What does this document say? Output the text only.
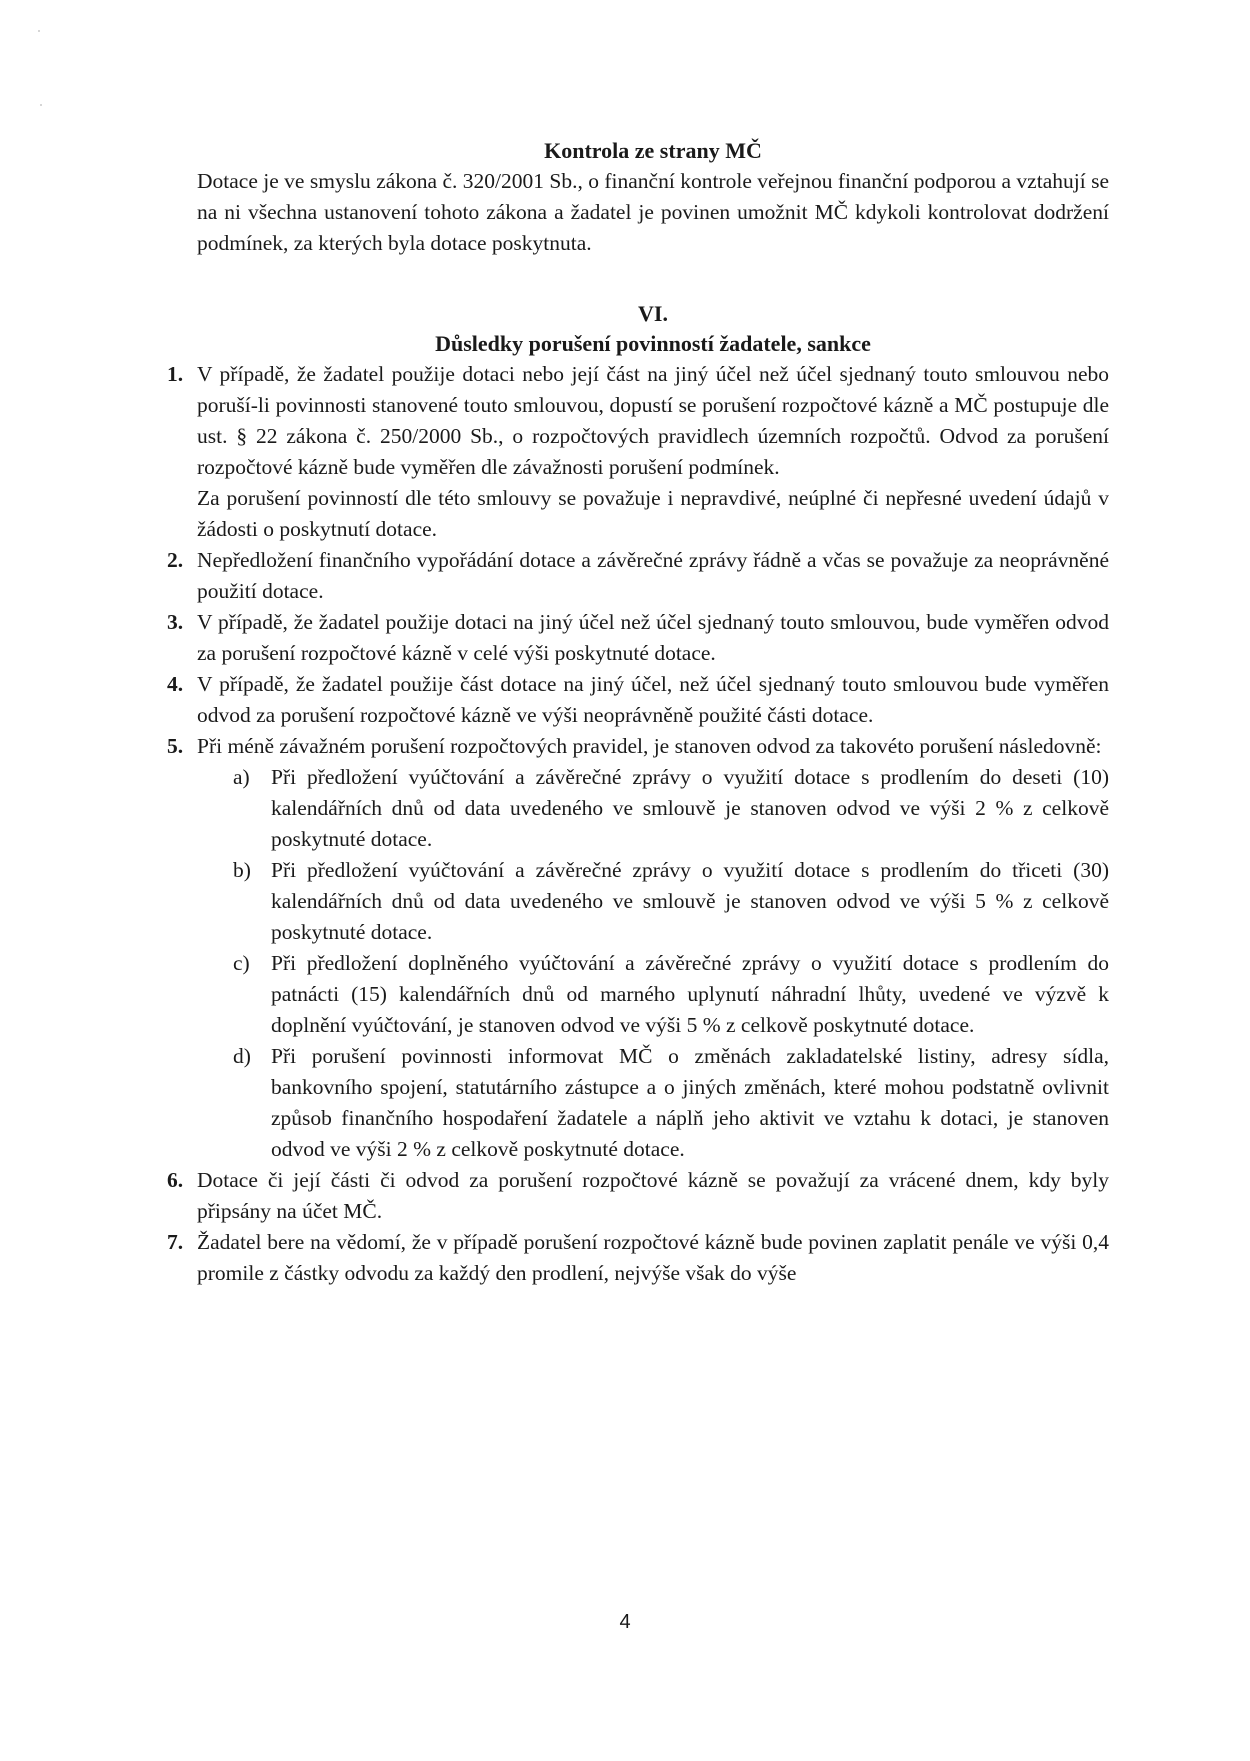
Kontrola ze strany MČ
Dotace je ve smyslu zákona č. 320/2001 Sb., o finanční kontrole veřejnou finanční podporou a vztahují se na ni všechna ustanovení tohoto zákona a žadatel je povinen umožnit MČ kdykoli kontrolovat dodržení podmínek, za kterých byla dotace poskytnuta.
VI.
Důsledky porušení povinností žadatele, sankce
1. V případě, že žadatel použije dotaci nebo její část na jiný účel než účel sjednaný touto smlouvou nebo poruší-li povinnosti stanovené touto smlouvou, dopustí se porušení rozpočtové kázně a MČ postupuje dle ust. § 22 zákona č. 250/2000 Sb., o rozpočtových pravidlech územních rozpočtů. Odvod za porušení rozpočtové kázně bude vyměřen dle závažnosti porušení podmínek.
Za porušení povinností dle této smlouvy se považuje i nepravdivé, neúplné či nepřesné uvedení údajů v žádosti o poskytnutí dotace.
2. Nepředložení finančního vypořádání dotace a závěrečné zprávy řádně a včas se považuje za neoprávněné použití dotace.
3. V případě, že žadatel použije dotaci na jiný účel než účel sjednaný touto smlouvou, bude vyměřen odvod za porušení rozpočtové kázně v celé výši poskytnuté dotace.
4. V případě, že žadatel použije část dotace na jiný účel, než účel sjednaný touto smlouvou bude vyměřen odvod za porušení rozpočtové kázně ve výši neoprávněně použité části dotace.
5. Při méně závažném porušení rozpočtových pravidel, je stanoven odvod za takovéto porušení následovně:
a) Při předložení vyúčtování a závěrečné zprávy o využití dotace s prodlením do deseti (10) kalendářních dnů od data uvedeného ve smlouvě je stanoven odvod ve výši 2 % z celkově poskytnuté dotace.
b) Při předložení vyúčtování a závěrečné zprávy o využití dotace s prodlením do třiceti (30) kalendářních dnů od data uvedeného ve smlouvě je stanoven odvod ve výši 5 % z celkově poskytnuté dotace.
c) Při předložení doplněného vyúčtování a závěrečné zprávy o využití dotace s prodlením do patnácti (15) kalendářních dnů od marného uplynutí náhradní lhůty, uvedené ve výzvě k doplnění vyúčtování, je stanoven odvod ve výši 5 % z celkově poskytnuté dotace.
d) Při porušení povinnosti informovat MČ o změnách zakladatelské listiny, adresy sídla, bankovního spojení, statutárního zástupce a o jiných změnách, které mohou podstatně ovlivnit způsob finančního hospodaření žadatele a náplň jeho aktivit ve vztahu k dotaci, je stanoven odvod ve výši 2 % z celkově poskytnuté dotace.
6. Dotace či její části či odvod za porušení rozpočtové kázně se považují za vrácené dnem, kdy byly připsány na účet MČ.
7. Žadatel bere na vědomí, že v případě porušení rozpočtové kázně bude povinen zaplatit penále ve výši 0,4 promile z částky odvodu za každý den prodlení, nejvýše však do výše
4
